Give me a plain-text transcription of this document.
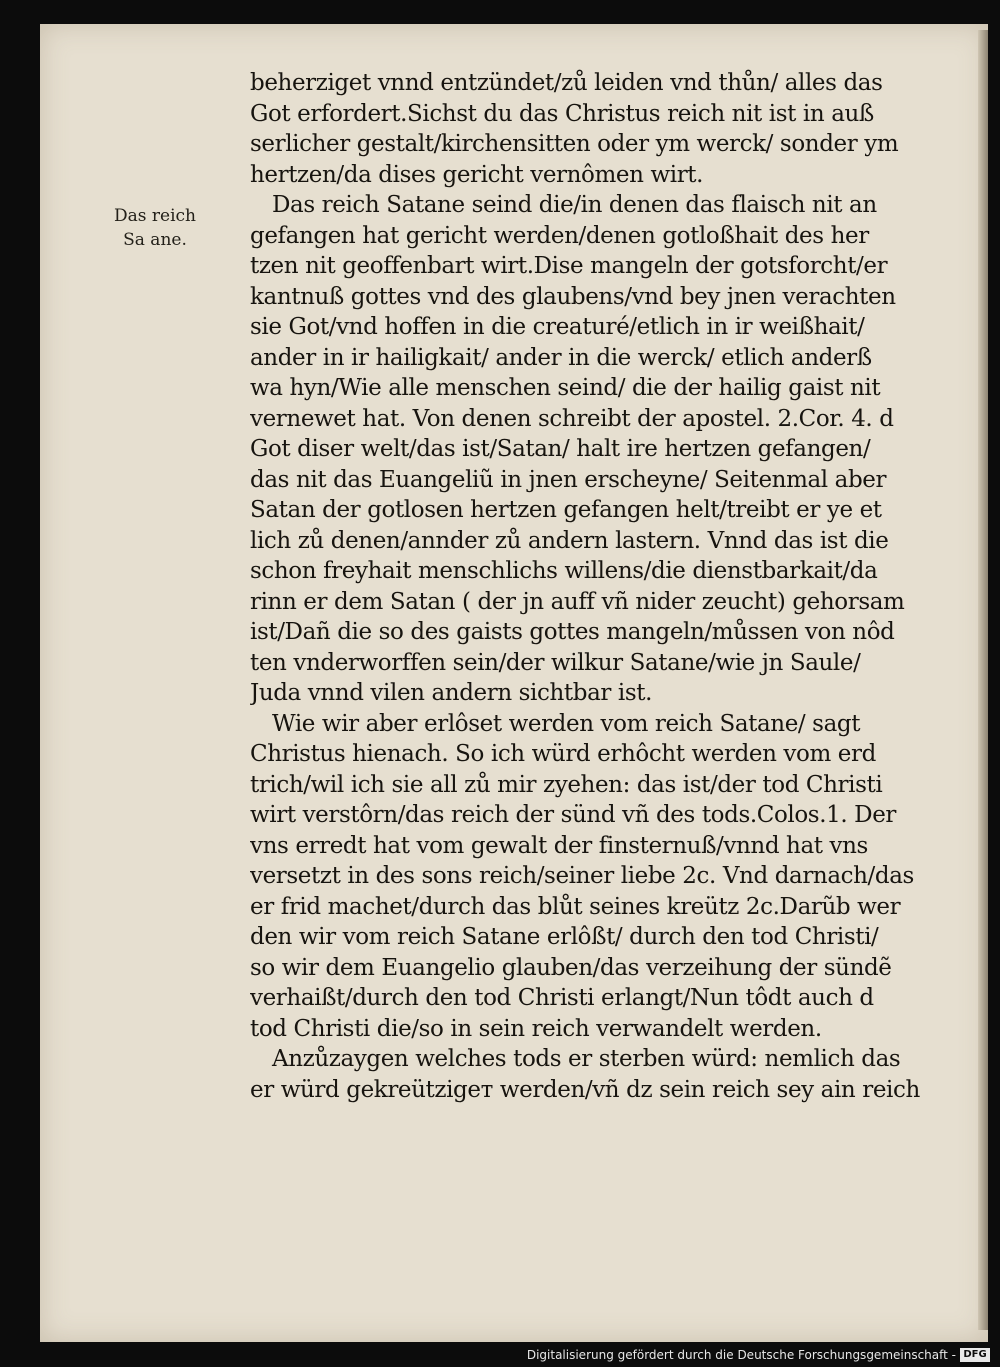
Das reich
Sa ane.
beherziget vnnd entzündet/zů leiden vnd thůn/ alles das
Got erfordert.Sichst du das Christus reich nit ist in auß
serlicher gestalt/kirchensitten oder ym werck/ sonder ym
hertzen/da dises gericht vernômen wirt.
Das reich Satane seind die/in denen das flaisch nit an
gefangen hat gericht werden/denen gotloßhait des her
tzen nit geoffenbart wirt.Dise mangeln der gotsforcht/er
kantnuß gottes vnd des glaubens/vnd bey jnen verachten
sie Got/vnd hoffen in die creaturé/etlich in ir weißhait/
ander in ir hailigkait/ ander in die werck/ etlich anderß
wa hyn/Wie alle menschen seind/ die der hailig gaist nit
vernewet hat. Von denen schreibt der apostel. 2.Cor. 4. d
Got diser welt/das ist/Satan/ halt ire hertzen gefangen/
das nit das Euangeliũ in jnen erscheyne/ Seitenmal aber
Satan der gotlosen hertzen gefangen helt/treibt er ye et
lich zů denen/annder zů andern lastern. Vnnd das ist die
schon freyhait menschlichs willens/die dienstbarkait/da
rinn er dem Satan ( der jn auff vñ nider zeucht) gehorsam
ist/Dañ die so des gaists gottes mangeln/můssen von nôd
ten vnderworffen sein/der wilkur Satane/wie jn Saule/
Juda vnnd vilen andern sichtbar ist.
Wie wir aber erlôset werden vom reich Satane/ sagt
Christus hienach. So ich würd erhôcht werden vom erd
trich/wil ich sie all zů mir zyehen: das ist/der tod Christi
wirt verstôrn/das reich der sünd vñ des tods.Colos.1. Der
vns erredt hat vom gewalt der finsternuß/vnnd hat vns
versetzt in des sons reich/seiner liebe 2c. Vnd darnach/das
er frid machet/durch das blůt seines kreütz 2c.Darũb wer
den wir vom reich Satane erlôßt/ durch den tod Christi/
so wir dem Euangelio glauben/das verzeihung der sündẽ
verhaißt/durch den tod Christi erlangt/Nun tôdt auch d
tod Christi die/so in sein reich verwandelt werden.
Anzůzaygen welches tods er sterben würd: nemlich das
er würd gekreützigeт werden/vñ dz sein reich sey ain reich
Digitalisierung gefördert durch die Deutsche Forschungsgemeinschaft - DFG
